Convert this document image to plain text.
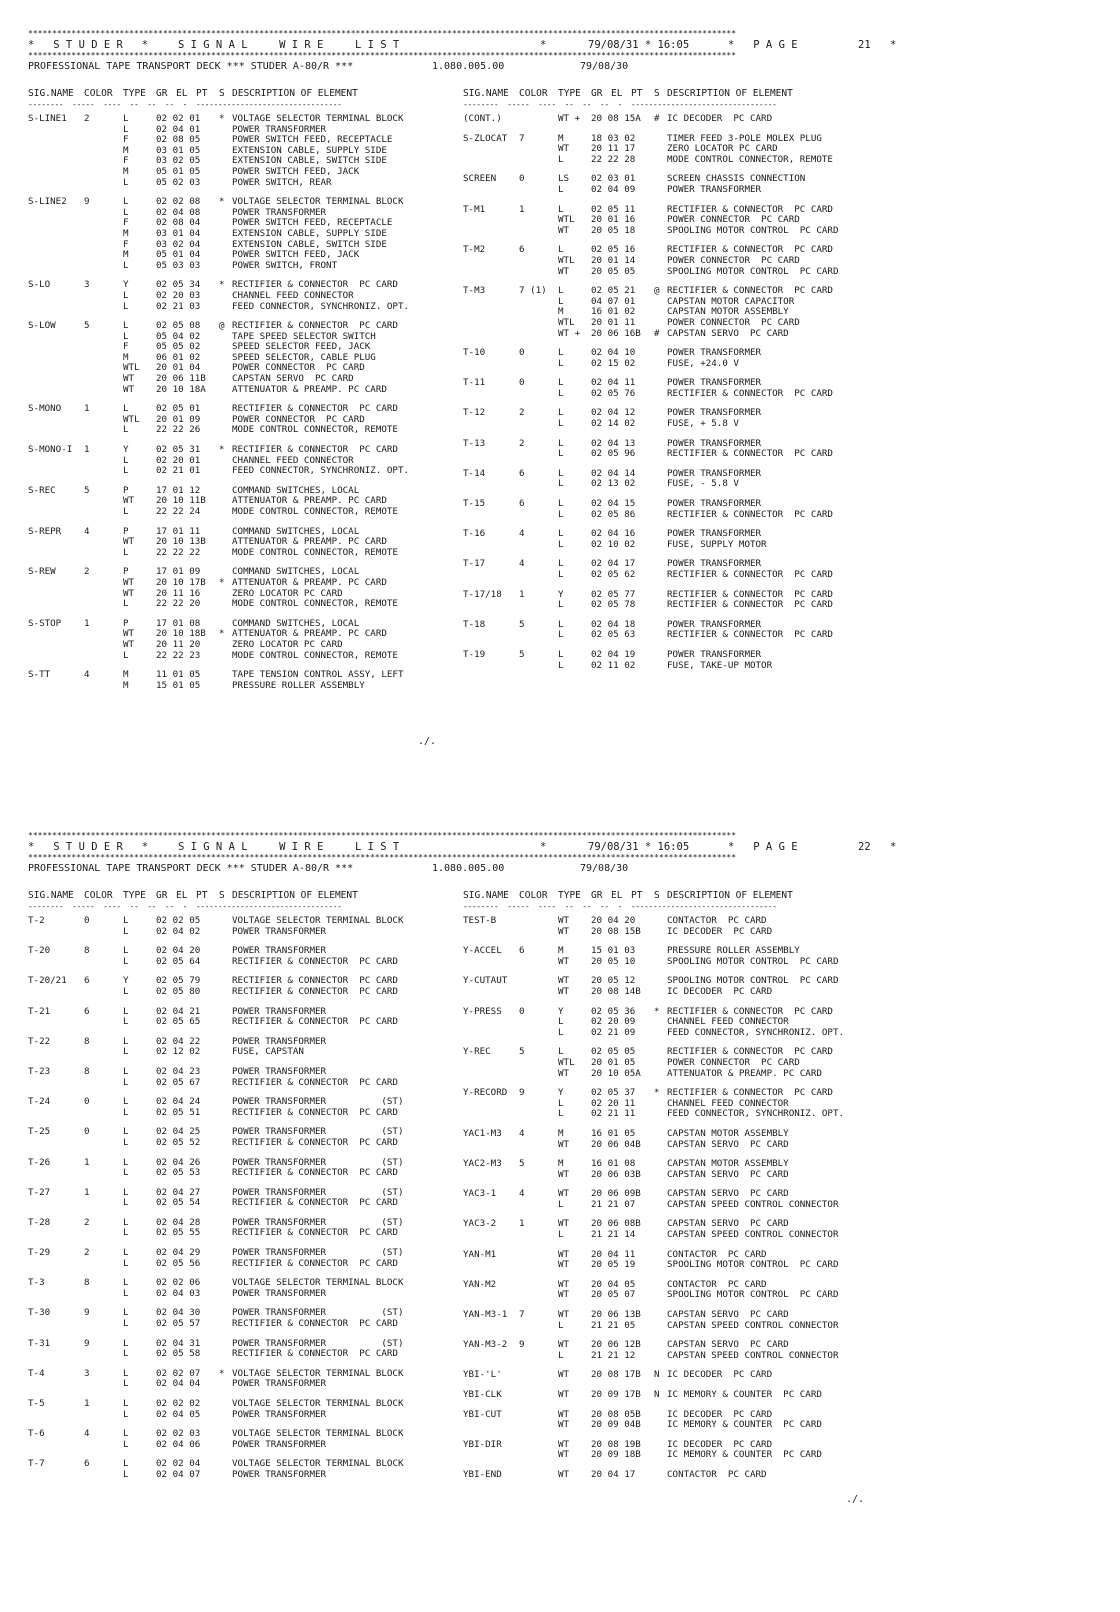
***************************************************************************************************************************************************
*   S T U D E R   *	S I G N A L     W I R E     L I S T	*	79/08/31 * 16:05	*   P A G E	21 *
***************************************************************************************************************************************************
PROFESSIONAL TAPE TRANSPORT DECK *** STUDER A-80/R ***	1.080.005.00	79/08/30
SIG.NAME COLOR TYPE GR EL PT S DESCRIPTION OF ELEMENT
--------  -----  ----  --  --  --  -  ---------------------------------
SIG.NAME COLOR TYPE GR EL PT S DESCRIPTION OF ELEMENT
--------  -----  ----  --  --  --  -  ---------------------------------
S-LINE1 2	L	02 02 01 * VOLTAGE SELECTOR TERMINAL BLOCK
L	02 04 01	POWER TRANSFORMER
F	02 08 05	POWER SWITCH FEED, RECEPTACLE
M	03 01 05	EXTENSION CABLE, SUPPLY SIDE
F	03 02 05	EXTENSION CABLE, SWITCH SIDE
M	05 01 05	POWER SWITCH FEED, JACK
L	05 02 03	POWER SWITCH, REAR
S-LINE2 9	L	02 02 08 * VOLTAGE SELECTOR TERMINAL BLOCK
L	02 04 08	POWER TRANSFORMER
F	02 08 04	POWER SWITCH FEED, RECEPTACLE
M	03 01 04	EXTENSION CABLE, SUPPLY SIDE
F	03 02 04	EXTENSION CABLE, SWITCH SIDE
M	05 01 04	POWER SWITCH FEED, JACK
L	05 03 03	POWER SWITCH, FRONT
S-LO	3	Y	02 05 34 * RECTIFIER & CONNECTOR  PC CARD
L	02 20 03	CHANNEL FEED CONNECTOR
L	02 21 03	FEED CONNECTOR, SYNCHRONIZ. OPT.
S-LOW	5	L	02 05 08 @ RECTIFIER & CONNECTOR  PC CARD
L	05 04 02	TAPE SPEED SELECTOR SWITCH
F	05 05 02	SPEED SELECTOR FEED, JACK
M	06 01 02	SPEED SELECTOR, CABLE PLUG
WTL 20 01 04	POWER CONNECTOR  PC CARD
WT 20 06 11B	CAPSTAN SERVO  PC CARD
WT 20 10 18A	ATTENUATOR & PREAMP. PC CARD
S-MONO 1	L	02 05 01	RECTIFIER & CONNECTOR  PC CARD
WTL 20 01 09	POWER CONNECTOR  PC CARD
L	22 22 26	MODE CONTROL CONNECTOR, REMOTE
S-MONO-I 1	Y	02 05 31 * RECTIFIER & CONNECTOR  PC CARD
L	02 20 01	CHANNEL FEED CONNECTOR
L	02 21 01	FEED CONNECTOR, SYNCHRONIZ. OPT.
S-REC	5	P	17 01 12	COMMAND SWITCHES, LOCAL
WT 20 10 11B	ATTENUATOR & PREAMP. PC CARD
L	22 22 24	MODE CONTROL CONNECTOR, REMOTE
S-REPR 4	P	17 01 11	COMMAND SWITCHES, LOCAL
WT 20 10 13B	ATTENUATOR & PREAMP. PC CARD
L	22 22 22	MODE CONTROL CONNECTOR, REMOTE
S-REW	2	P	17 01 09	COMMAND SWITCHES, LOCAL
WT 20 10 17B * ATTENUATOR & PREAMP. PC CARD
WT 20 11 16	ZERO LOCATOR PC CARD
L	22 22 20	MODE CONTROL CONNECTOR, REMOTE
S-STOP 1	P	17 01 08	COMMAND SWITCHES, LOCAL
WT 20 10 18B * ATTENUATOR & PREAMP. PC CARD
WT 20 11 20	ZERO LOCATOR PC CARD
L	22 22 23	MODE CONTROL CONNECTOR, REMOTE
S-TT	4	M	11 01 05	TAPE TENSION CONTROL ASSY, LEFT
M	15 01 05	PRESSURE ROLLER ASSEMBLY
(CONT.)	WT + 20 08 15A # IC DECODER  PC CARD
S-ZLOCAT 7	M	18 03 02	TIMER FEED 3-POLE MOLEX PLUG
WT 20 11 17	ZERO LOCATOR PC CARD
L	22 22 28	MODE CONTROL CONNECTOR, REMOTE
SCREEN 0	LS 02 03 01	SCREEN CHASSIS CONNECTION
L	02 04 09	POWER TRANSFORMER
T-M1	1	L	02 05 11	RECTIFIER & CONNECTOR  PC CARD
WTL 20 01 16	POWER CONNECTOR  PC CARD
WT 20 05 18	SPOOLING MOTOR CONTROL  PC CARD
T-M2	6	L	02 05 16	RECTIFIER & CONNECTOR  PC CARD
WTL 20 01 14	POWER CONNECTOR  PC CARD
WT 20 05 05	SPOOLING MOTOR CONTROL  PC CARD
T-M3	7 (1) L	02 05 21 @ RECTIFIER & CONNECTOR  PC CARD
L	04 07 01	CAPSTAN MOTOR CAPACITOR
M	16 01 02	CAPSTAN MOTOR ASSEMBLY
WTL 20 01 11	POWER CONNECTOR  PC CARD
WT + 20 06 16B # CAPSTAN SERVO  PC CARD
T-10	0	L	02 04 10	POWER TRANSFORMER
L	02 15 02	FUSE, +24.0 V
T-11	0	L	02 04 11	POWER TRANSFORMER
L	02 05 76	RECTIFIER & CONNECTOR  PC CARD
T-12	2	L	02 04 12	POWER TRANSFORMER
L	02 14 02	FUSE, + 5.8 V
T-13	2	L	02 04 13	POWER TRANSFORMER
L	02 05 96	RECTIFIER & CONNECTOR  PC CARD
T-14	6	L	02 04 14	POWER TRANSFORMER
L	02 13 02	FUSE, - 5.8 V
T-15	6	L	02 04 15	POWER TRANSFORMER
L	02 05 86	RECTIFIER & CONNECTOR  PC CARD
T-16	4	L	02 04 16	POWER TRANSFORMER
L	02 10 02	FUSE, SUPPLY MOTOR
T-17	4	L	02 04 17	POWER TRANSFORMER
L	02 05 62	RECTIFIER & CONNECTOR  PC CARD
T-17/18 1	Y	02 05 77	RECTIFIER & CONNECTOR  PC CARD
L	02 05 78	RECTIFIER & CONNECTOR  PC CARD
T-18	5	L	02 04 18	POWER TRANSFORMER
L	02 05 63	RECTIFIER & CONNECTOR  PC CARD
T-19	5	L	02 04 19	POWER TRANSFORMER
L	02 11 02	FUSE, TAKE-UP MOTOR
./.
***************************************************************************************************************************************************
*   S T U D E R   *	S I G N A L     W I R E     L I S T	*	79/08/31 * 16:05	*   P A G E	22 *
***************************************************************************************************************************************************
PROFESSIONAL TAPE TRANSPORT DECK *** STUDER A-80/R ***	1.080.005.00	79/08/30
SIG.NAME COLOR TYPE GR EL PT S DESCRIPTION OF ELEMENT
--------  -----  ----  --  --  --  -  ---------------------------------
SIG.NAME COLOR TYPE GR EL PT S DESCRIPTION OF ELEMENT
--------  -----  ----  --  --  --  -  ---------------------------------
T-2	0	L	02 02 05	VOLTAGE SELECTOR TERMINAL BLOCK
L	02 04 02	POWER TRANSFORMER
T-20	8	L	02 04 20	POWER TRANSFORMER
L	02 05 64	RECTIFIER & CONNECTOR  PC CARD
T-20/21 6	Y	02 05 79	RECTIFIER & CONNECTOR  PC CARD
L	02 05 80	RECTIFIER & CONNECTOR  PC CARD
T-21	6	L	02 04 21	POWER TRANSFORMER
L	02 05 65	RECTIFIER & CONNECTOR  PC CARD
T-22	8	L	02 04 22	POWER TRANSFORMER
L	02 12 02	FUSE, CAPSTAN
T-23	8	L	02 04 23	POWER TRANSFORMER
L	02 05 67	RECTIFIER & CONNECTOR  PC CARD
T-24	0	L	02 04 24	POWER TRANSFORMER          (ST)
L	02 05 51	RECTIFIER & CONNECTOR  PC CARD
T-25	0	L	02 04 25	POWER TRANSFORMER          (ST)
L	02 05 52	RECTIFIER & CONNECTOR  PC CARD
T-26	1	L	02 04 26	POWER TRANSFORMER          (ST)
L	02 05 53	RECTIFIER & CONNECTOR  PC CARD
T-27	1	L	02 04 27	POWER TRANSFORMER          (ST)
L	02 05 54	RECTIFIER & CONNECTOR  PC CARD
T-28	2	L	02 04 28	POWER TRANSFORMER          (ST)
L	02 05 55	RECTIFIER & CONNECTOR  PC CARD
T-29	2	L	02 04 29	POWER TRANSFORMER          (ST)
L	02 05 56	RECTIFIER & CONNECTOR  PC CARD
T-3	8	L	02 02 06	VOLTAGE SELECTOR TERMINAL BLOCK
L	02 04 03	POWER TRANSFORMER
T-30	9	L	02 04 30	POWER TRANSFORMER          (ST)
L	02 05 57	RECTIFIER & CONNECTOR  PC CARD
T-31	9	L	02 04 31	POWER TRANSFORMER          (ST)
L	02 05 58	RECTIFIER & CONNECTOR  PC CARD
T-4	3	L	02 02 07 * VOLTAGE SELECTOR TERMINAL BLOCK
L	02 04 04	POWER TRANSFORMER
T-5	1	L	02 02 02	VOLTAGE SELECTOR TERMINAL BLOCK
L	02 04 05	POWER TRANSFORMER
T-6	4	L	02 02 03	VOLTAGE SELECTOR TERMINAL BLOCK
L	02 04 06	POWER TRANSFORMER
T-7	6	L	02 02 04	VOLTAGE SELECTOR TERMINAL BLOCK
L	02 04 07	POWER TRANSFORMER
TEST-B	WT 20 04 20	CONTACTOR  PC CARD
WT 20 08 15B	IC DECODER  PC CARD
Y-ACCEL 6	M	15 01 03	PRESSURE ROLLER ASSEMBLY
WT 20 05 10	SPOOLING MOTOR CONTROL  PC CARD
Y-CUTAUT	WT 20 05 12	SPOOLING MOTOR CONTROL  PC CARD
WT 20 08 14B	IC DECODER  PC CARD
Y-PRESS 0	Y	02 05 36 * RECTIFIER & CONNECTOR  PC CARD
L	02 20 09	CHANNEL FEED CONNECTOR
L	02 21 09	FEED CONNECTOR, SYNCHRONIZ. OPT.
Y-REC	5	L	02 05 05	RECTIFIER & CONNECTOR  PC CARD
WTL 20 01 05	POWER CONNECTOR  PC CARD
WT 20 10 05A	ATTENUATOR & PREAMP. PC CARD
Y-RECORD 9	Y	02 05 37 * RECTIFIER & CONNECTOR  PC CARD
L	02 20 11	CHANNEL FEED CONNECTOR
L	02 21 11	FEED CONNECTOR, SYNCHRONIZ. OPT.
YAC1-M3 4	M	16 01 05	CAPSTAN MOTOR ASSEMBLY
WT 20 06 04B	CAPSTAN SERVO  PC CARD
YAC2-M3 5	M	16 01 08	CAPSTAN MOTOR ASSEMBLY
WT 20 06 03B	CAPSTAN SERVO  PC CARD
YAC3-1 4	WT 20 06 09B	CAPSTAN SERVO  PC CARD
L	21 21 07	CAPSTAN SPEED CONTROL CONNECTOR
YAC3-2 1	WT 20 06 08B	CAPSTAN SERVO  PC CARD
L	21 21 14	CAPSTAN SPEED CONTROL CONNECTOR
YAN-M1	WT 20 04 11	CONTACTOR  PC CARD
WT 20 05 19	SPOOLING MOTOR CONTROL  PC CARD
YAN-M2	WT 20 04 05	CONTACTOR  PC CARD
WT 20 05 07	SPOOLING MOTOR CONTROL  PC CARD
YAN-M3-1 7	WT 20 06 13B	CAPSTAN SERVO  PC CARD
L	21 21 05	CAPSTAN SPEED CONTROL CONNECTOR
YAN-M3-2 9	WT 20 06 12B	CAPSTAN SERVO  PC CARD
L	21 21 12	CAPSTAN SPEED CONTROL CONNECTOR
YBI-'L'	WT 20 08 17B N IC DECODER  PC CARD
YBI-CLK	WT 20 09 17B N IC MEMORY & COUNTER  PC CARD
YBI-CUT	WT 20 08 05B	IC DECODER  PC CARD
WT 20 09 04B	IC MEMORY & COUNTER  PC CARD
YBI-DIR	WT 20 08 19B	IC DECODER  PC CARD
WT 20 09 18B	IC MEMORY & COUNTER  PC CARD
YBI-END	WT 20 04 17	CONTACTOR  PC CARD
./.
